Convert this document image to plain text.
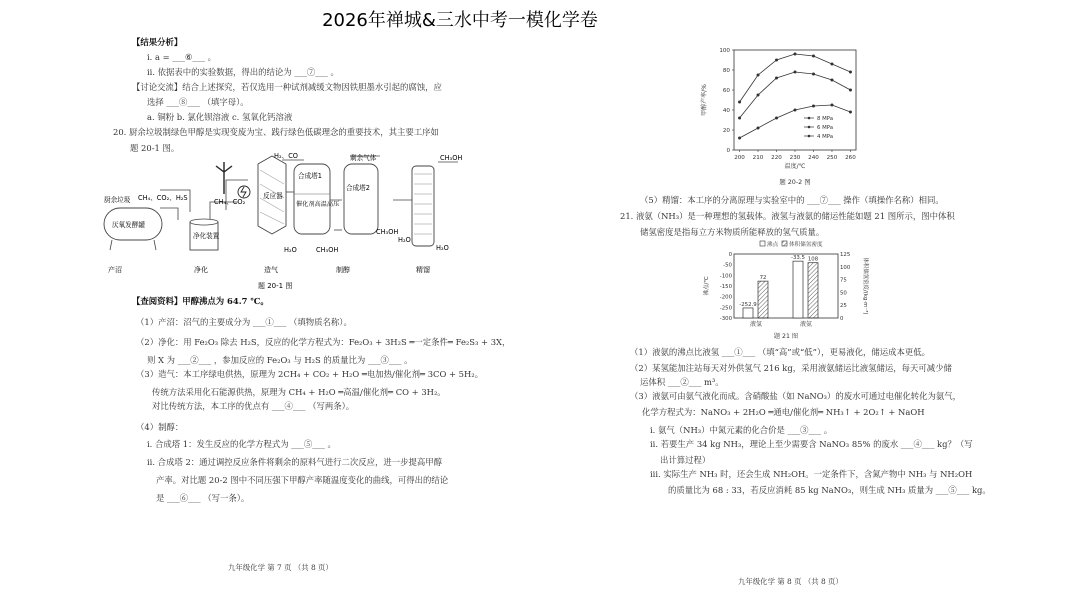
2026年禅城&三水中考一模化学卷
【结果分析】
i. a = ___⑥___ 。
ii. 依据表中的实验数据，得出的结论为 ___⑦___ 。
【讨论交流】结合上述探究，若仅选用一种试剂减缓文物因铁胆墨水引起的腐蚀，应
选择 ___⑧___ （填字母）。
a. 铜粉 b. 氯化钡溶液 c. 氢氧化钙溶液
20. 厨余垃圾制绿色甲醇是实现变废为宝、践行绿色低碳理念的重要技术，其主要工序如
题 20-1 图。
【查阅资料】甲醇沸点为 64.7 ℃。
（1）产沼：沼气的主要成分为 ___①___ （填物质名称）。
（2）净化：用 Fe₂O₃ 除去 H₂S，反应的化学方程式为：Fe₂O₃ + 3H₂S ═一定条件═ Fe₂S₃ + 3X，
则 X 为 ___②___ ，参加反应的 Fe₂O₃ 与 H₂S 的质量比为 ___③___ 。
（3）造气：本工序绿电供热，原理为 2CH₄ + CO₂ + H₂O ═电加热/催化剂═ 3CO + 5H₂。
传统方法采用化石能源供热，原理为 CH₄ + H₂O ═高温/催化剂═ CO + 3H₂。
对比传统方法，本工序的优点有 ___④___ （写两条）。
（4）制醇：
i. 合成塔 1：发生反应的化学方程式为 ___⑤___ 。
ii. 合成塔 2：通过调控反应条件将剩余的原料气进行二次反应，进一步提高甲醇
产率。对比题 20-2 图中不同压强下甲醇产率随温度变化的曲线，可得出的结论
是 ___⑥___ （写一条）。
厨余垃圾
厌氧发酵罐
净化装置
反应器
合成塔1
催化剂高温高压
合成塔2
CH₄、CO₂、H₂S	CH₄、CO₂
H₂、CO	剩余气体	CH₃OH
H₂O	CH₃OH
H₂O
CH₃OH
H₂O
产沼	净化	造气	制醇	精馏
题 20-1 图
九年级化学 第 7 页 （共 8 页）
（5）精馏：本工序的分离原理与实验室中的 ___⑦___ 操作（填操作名称）相同。
21. 液氨（NH₃）是一种理想的氢载体。液氢与液氨的储运性能如题 21 图所示，图中体积
储氢密度是指每立方米物质所能释放的氢气质量。
（1）液氨的沸点比液氢 ___①___ （填“高”或“低”），更易液化，储运成本更低。
（2）某氢能加注站每天对外供氢气 216 kg，采用液氨储运比液氢储运，每天可减少储
运体积 ___②___ m³。
（3）液氨可由氨气液化而成。含硝酸盐（如 NaNO₃）的废水可通过电催化转化为氨气，
化学方程式为：NaNO₃ + 2H₂O ═通电/催化剂═ NH₃↑ + 2O₂↑ + NaOH
i. 氨气（NH₃）中氮元素的化合价是 ___③___ 。
ii. 若要生产 34 kg NH₃，理论上至少需要含 NaNO₃ 85% 的废水 ___④___ kg？（写
出计算过程）
iii. 实际生产 NH₃ 时，还会生成 NH₂OH。一定条件下，含氮产物中 NH₃ 与 NH₂OH
的质量比为 68 : 33，若反应消耗 85 kg NaNO₃，则生成 NH₃ 质量为 ___⑤___ kg。
0
20
40
60
80
100
200 210 220 230 240 250 260
甲醇产率/%
温度/℃
题 20-2 图
8 MPa
6 MPa
4 MPa
-300
-250
-200
-150
-100
-50
0
0
25
50
75
100
125
沸点/℃	体积储氢密度/(kg·m⁻³)
液氢
-252.9
72
液氨
-33.5 108
沸点 体积储氢密度
题 21 图
九年级化学 第 8 页 （共 8 页）
